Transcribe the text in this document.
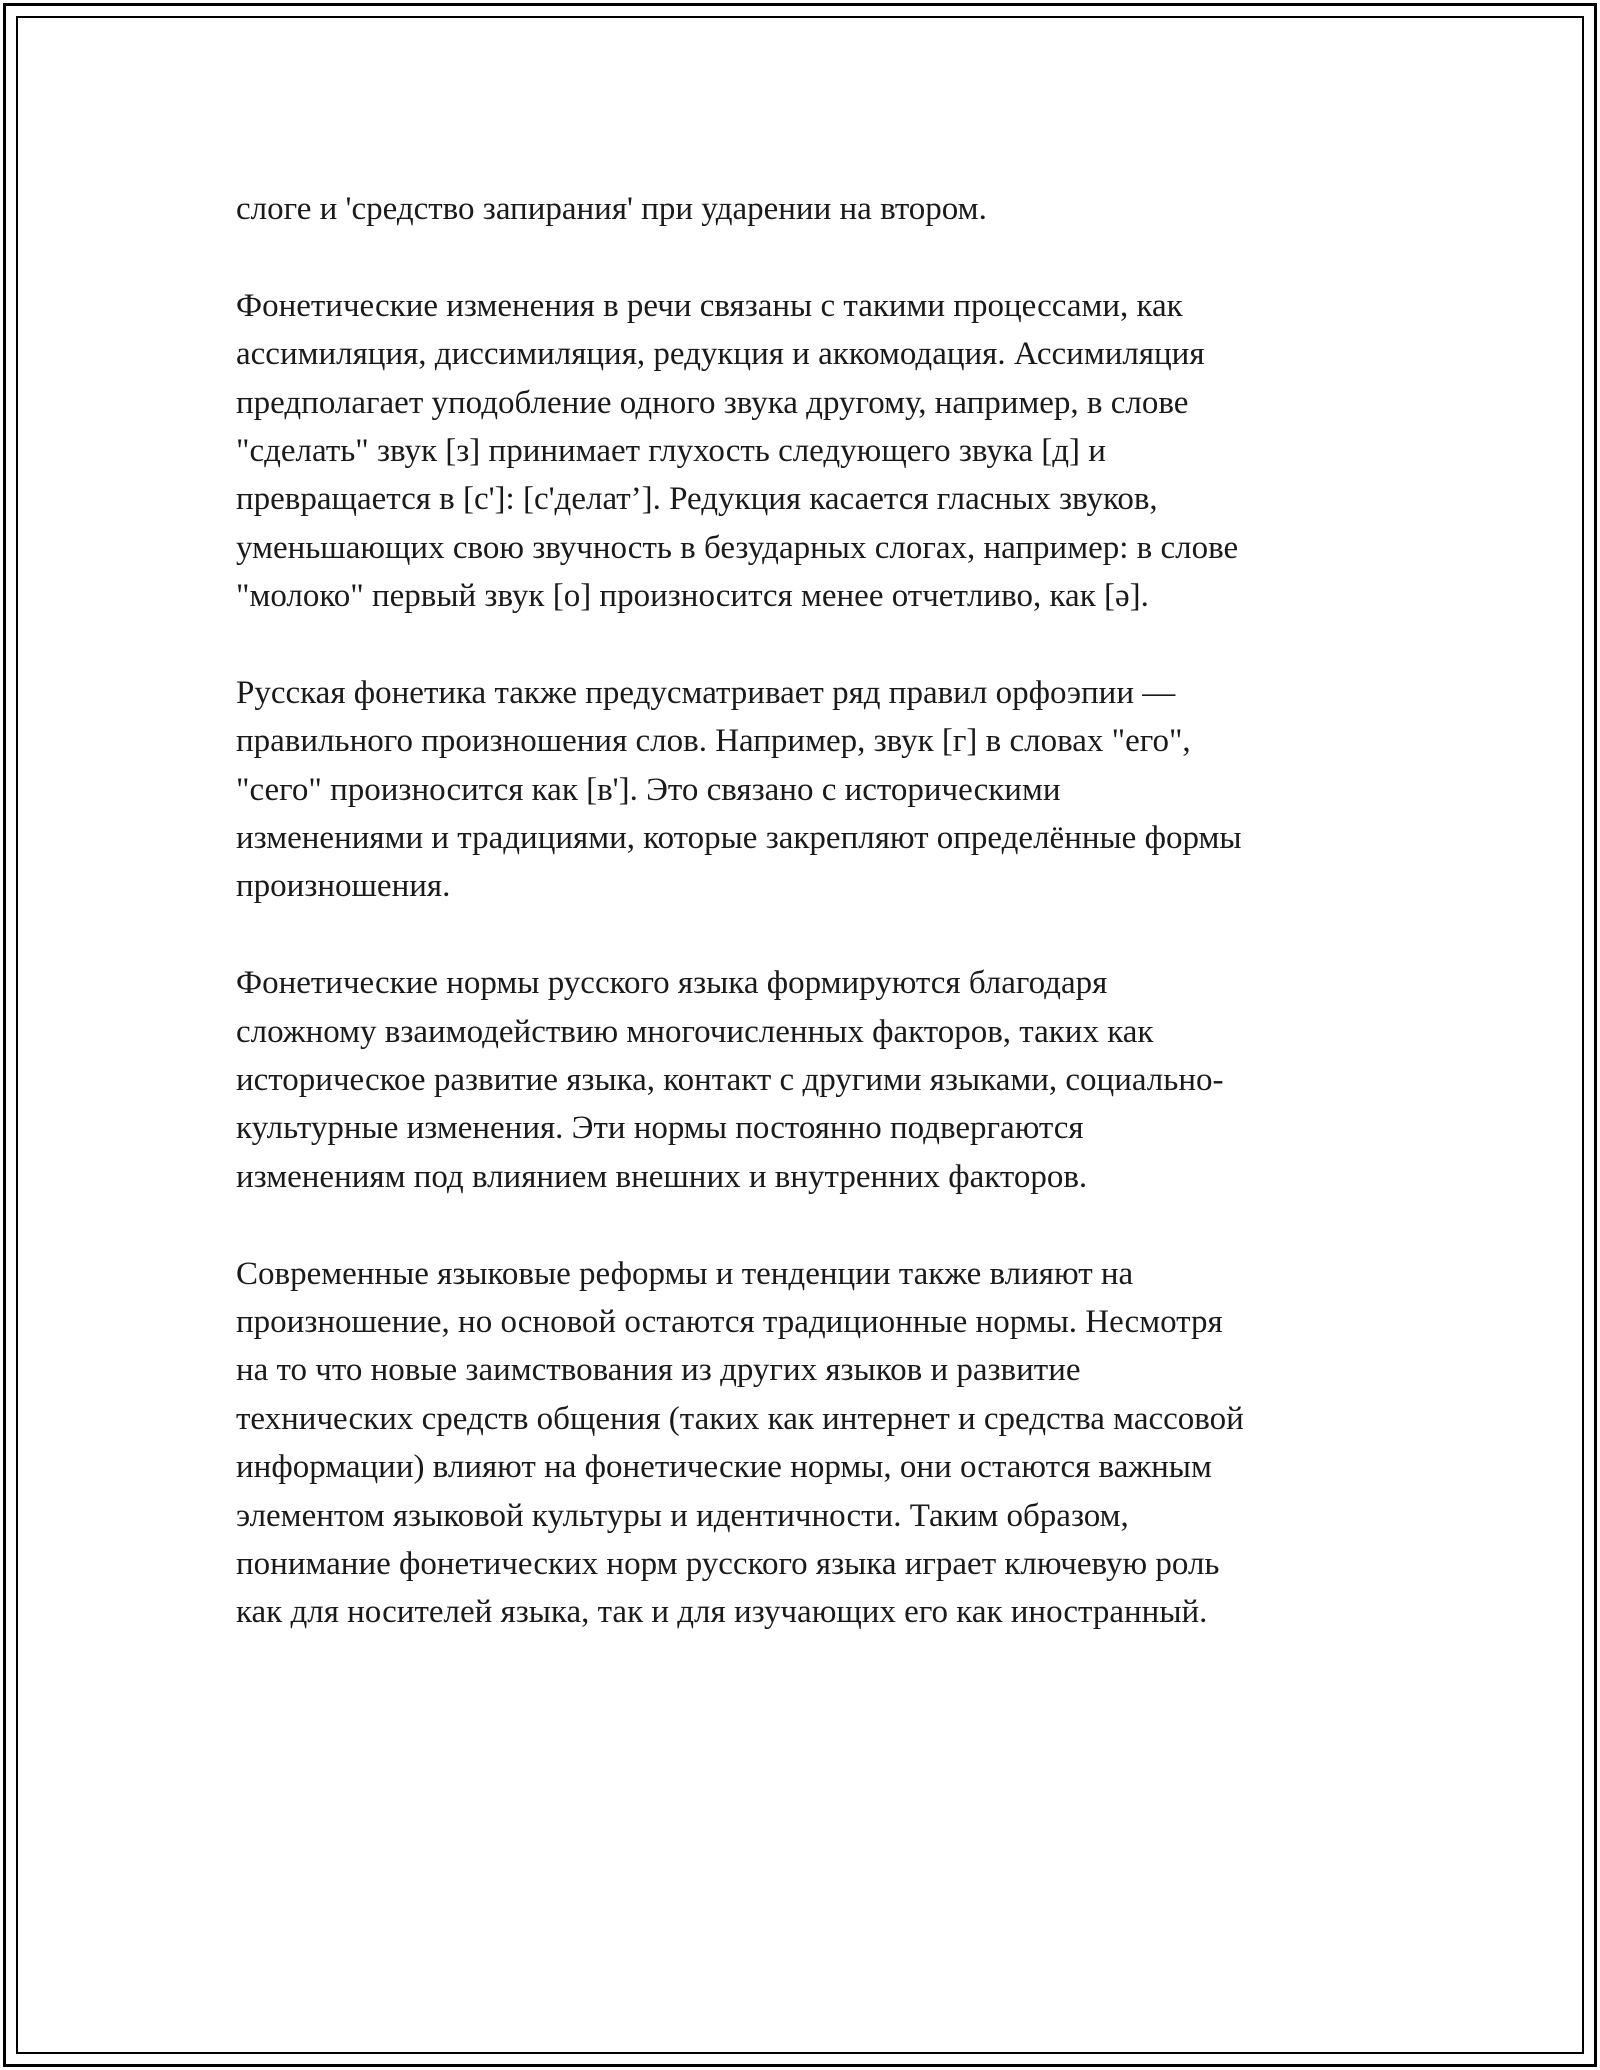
слоге и 'средство запирания' при ударении на втором.
Фонетические изменения в речи связаны с такими процессами, как
ассимиляция, диссимиляция, редукция и аккомодация. Ассимиляция
предполагает уподобление одного звука другому, например, в слове
"сделать" звук [з] принимает глухость следующего звука [д] и
превращается в [с']: [с'делат’]. Редукция касается гласных звуков,
уменьшающих свою звучность в безударных слогах, например: в слове
"молоко" первый звук [о] произносится менее отчетливо, как [ə].
Русская фонетика также предусматривает ряд правил орфоэпии —
правильного произношения слов. Например, звук [г] в словах "его",
"сего" произносится как [в']. Это связано с историческими
изменениями и традициями, которые закрепляют определённые формы
произношения.
Фонетические нормы русского языка формируются благодаря
сложному взаимодействию многочисленных факторов, таких как
историческое развитие языка, контакт с другими языками, социально-
культурные изменения. Эти нормы постоянно подвергаются
изменениям под влиянием внешних и внутренних факторов.
Современные языковые реформы и тенденции также влияют на
произношение, но основой остаются традиционные нормы. Несмотря
на то что новые заимствования из других языков и развитие
технических средств общения (таких как интернет и средства массовой
информации) влияют на фонетические нормы, они остаются важным
элементом языковой культуры и идентичности. Таким образом,
понимание фонетических норм русского языка играет ключевую роль
как для носителей языка, так и для изучающих его как иностранный.
